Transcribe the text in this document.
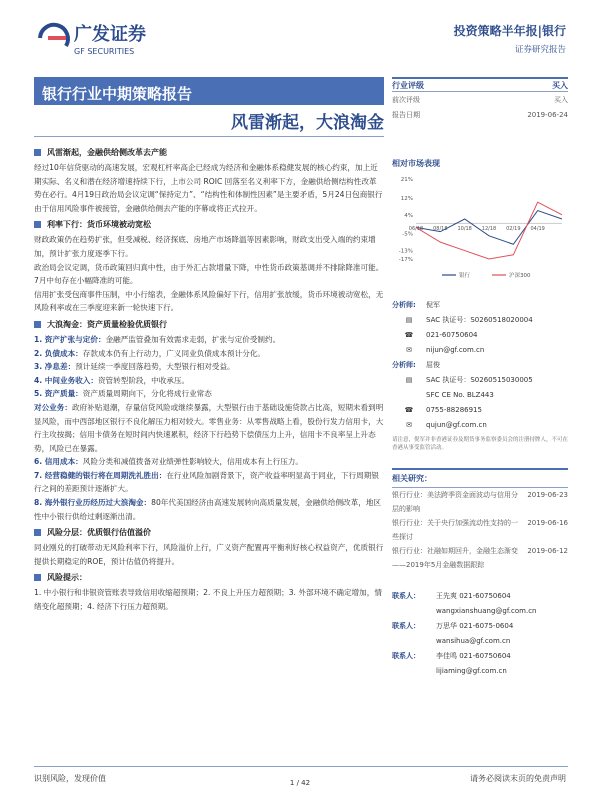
广发证券
GF SECURITIES
投资策略半年报|银行
证券研究报告
银行行业中期策略报告
风雷渐起，大浪淘金
风雷渐起，金融供给侧改革去产能
经过10年信贷驱动的高速发展，宏观杠杆率高企已经成为经济和金融体系稳健发展的核心约束，加上近期实际、名义和潜在经济增速持续下行，上市公司 ROIC 回落至名义利率下方，金融供给侧结构性改革势在必行。4月19日政治局会议定调“保持定力”、“结构性和体制性因素”是主要矛盾，5月24日包商银行由于信用风险事件被接管，金融供给侧去产能的序幕或将正式拉开。
利率下行：货币环境被动宽松
财政政策仍在趋势扩张，但受减税、经济探底、房地产市场降温等因素影响，财政支出受入端的约束增加，预计扩张力度逐季下行。
政治局会议定调，货币政策回归真中性，由于外汇占款增量下降，中性货币政策基调并不排除降准可能。7月中旬存在小幅降准的可能。
信用扩张受包商事件压制，中小行缩表，金融体系风险偏好下行，信用扩张放缓，货币环境被动宽松，无风险利率或在三季度迎来新一轮快速下行。
大浪淘金：资产质量检验优质银行
1. 资产扩张与定价：金融严监管叠加有效需求走弱，扩张与定价受制约。
2. 负债成本：存款成本仍有上行动力，广义同业负债成本预计分化。
3. 净息差：预计延续一季度回落趋势，大型银行相对受益。
4. 中间业务收入：资管转型阶段，中收承压。
5. 资产质量：资产质量周期向下，分化将成行业常态
对公业务：政府补贴退潮，存量信贷风险或继续暴露，大型银行由于基础设施贷款占比高，短期未看到明显风险，而中西部地区银行不良化解压力相对较大。零售业务：从零售战略上看，股份行发力信用卡，大行主攻按揭；信用卡债务在短时间内快速累积，经济下行趋势下偿债压力上升，信用卡不良率呈上升态势，风险已在暴露。
6. 信用成本：风险分类和减值拨备对业绩弹性影响较大，信用成本有上行压力。
7. 经营稳健的银行将在周期洗礼胜出：在行业风险加剧背景下，资产收益率明显高于同业，下行周期银行之间的差距预计逐渐扩大。
8. 海外银行业历经历过大浪淘金：80年代美国经济由高速发展转向高质量发展，金融供给侧改革，地区性中小银行供给过剩逐渐出清。
风险分层：优质银行估值溢价
同业刚兑的打破带动无风险利率下行，风险溢价上行，广义资产配置再平衡利好核心权益资产，优质银行提供长期稳定的ROE，预计估值仍将提升。
风险提示：
1. 中小银行和非银资管账表导致信用收缩超预期；2. 不良上升压力超预期；3. 外部环境不确定增加，情绪变化超预期；4. 经济下行压力超预期。
行业评级	买入
前次评级	买入
报告日期	2019-06-24
相对市场表现
21%
12%
4%
-5%
-13%
-17%
06/18 08/18 10/18 12/18 02/19 04/19
银行	沪深300
分析师:	倪军
▤	SAC 执证号：S0260518020004
☎	021-60750604
✉	nijun@gf.com.cn
分析师:	屈俊
▤	SAC 执证号：S0260515030005
SFC CE No. BLZ443
☎	0755-88286915
✉	qujun@gf.com.cn
请注意，倪军并非香港证券及期货事务监察委员会的注册持牌人，不可在香港从事受监管活动。
相关研究：
银行行业：美法跨季资金面波动与信用分层的影响
2019-06-23
银行行业：关于央行加强流动性支持的一些探讨
2019-06-16
银行行业：社融如期回升，金融生态渐变——2019年5月金融数据跟踪
2019-06-12
联系人：	王先爽 021-60750604
wangxianshuang@gf.com.cn
联系人：	万思华 021-6075-0604
wansihua@gf.com.cn
联系人：	李佳鸣 021-60750604
lijiaming@gf.com.cn
识别风险，发现价值	请务必阅读末页的免责声明
1 / 42
